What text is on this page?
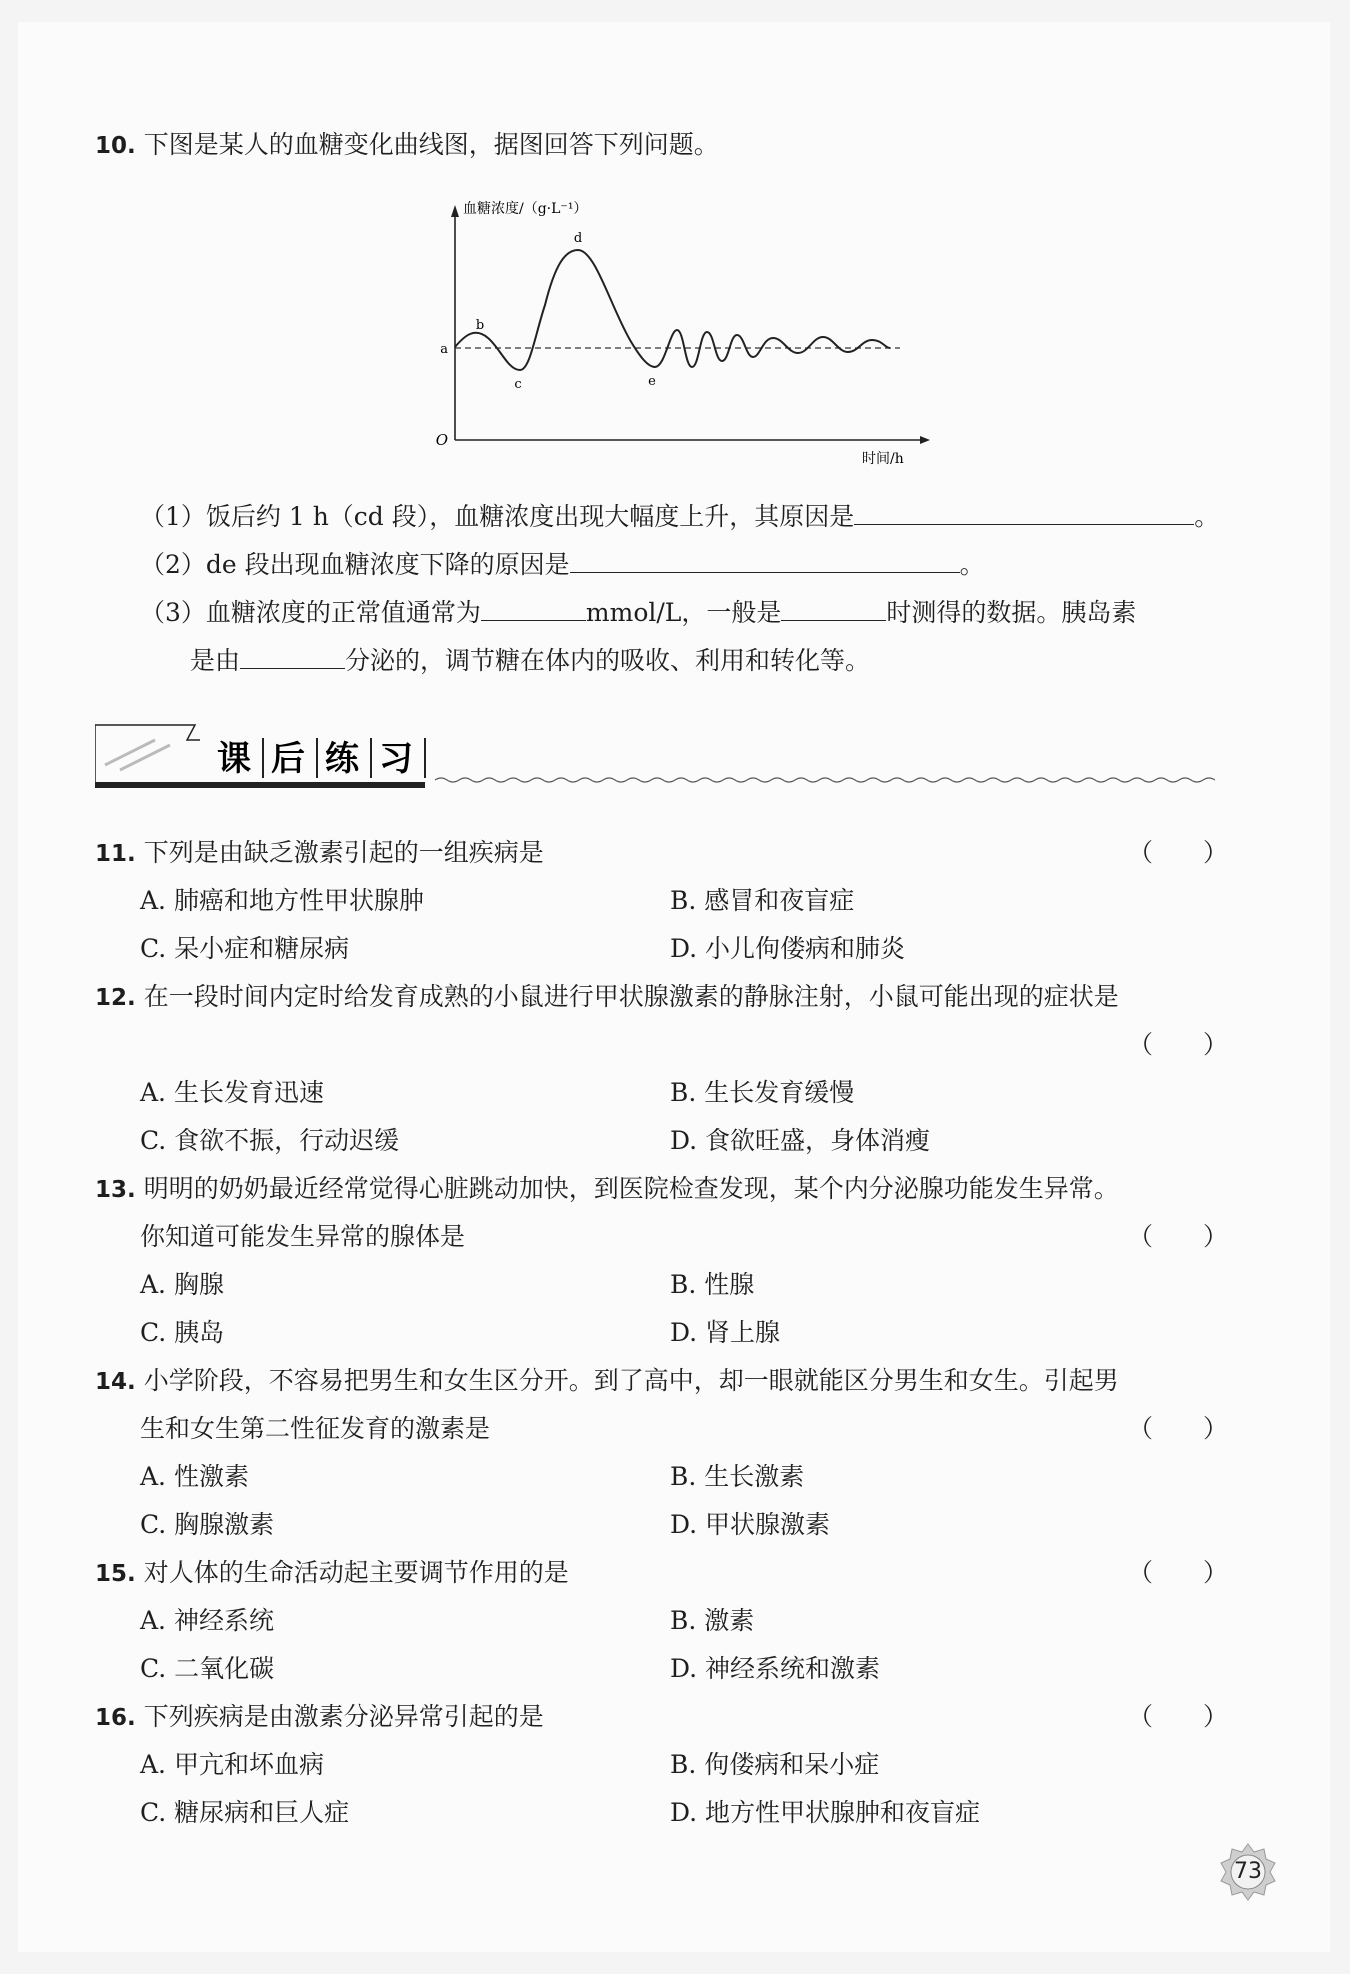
10. 下图是某人的血糖变化曲线图，据图回答下列问题。
O
a
b
c
d
e
血糖浓度/（g·L⁻¹）
时间/h
（1）饭后约 1 h（cd 段），血糖浓度出现大幅度上升，其原因是	。
（2）de 段出现血糖浓度下降的原因是	。
（3）血糖浓度的正常值通常为	mmol/L，一般是	时测得的数据。胰岛素
是由	分泌的，调节糖在体内的吸收、利用和转化等。
课 后 练 习
11. 下列是由缺乏激素引起的一组疾病是	（　　）
A. 肺癌和地方性甲状腺肿	B. 感冒和夜盲症
C. 呆小症和糖尿病	D. 小儿佝偻病和肺炎
12. 在一段时间内定时给发育成熟的小鼠进行甲状腺激素的静脉注射，小鼠可能出现的症状是
（　　）
A. 生长发育迅速	B. 生长发育缓慢
C. 食欲不振，行动迟缓	D. 食欲旺盛，身体消瘦
13. 明明的奶奶最近经常觉得心脏跳动加快，到医院检查发现，某个内分泌腺功能发生异常。
你知道可能发生异常的腺体是	（　　）
A. 胸腺	B. 性腺
C. 胰岛	D. 肾上腺
14. 小学阶段，不容易把男生和女生区分开。到了高中，却一眼就能区分男生和女生。引起男
生和女生第二性征发育的激素是	（　　）
A. 性激素	B. 生长激素
C. 胸腺激素	D. 甲状腺激素
15. 对人体的生命活动起主要调节作用的是	（　　）
A. 神经系统	B. 激素
C. 二氧化碳	D. 神经系统和激素
16. 下列疾病是由激素分泌异常引起的是	（　　）
A. 甲亢和坏血病	B. 佝偻病和呆小症
C. 糖尿病和巨人症	D. 地方性甲状腺肿和夜盲症
73
